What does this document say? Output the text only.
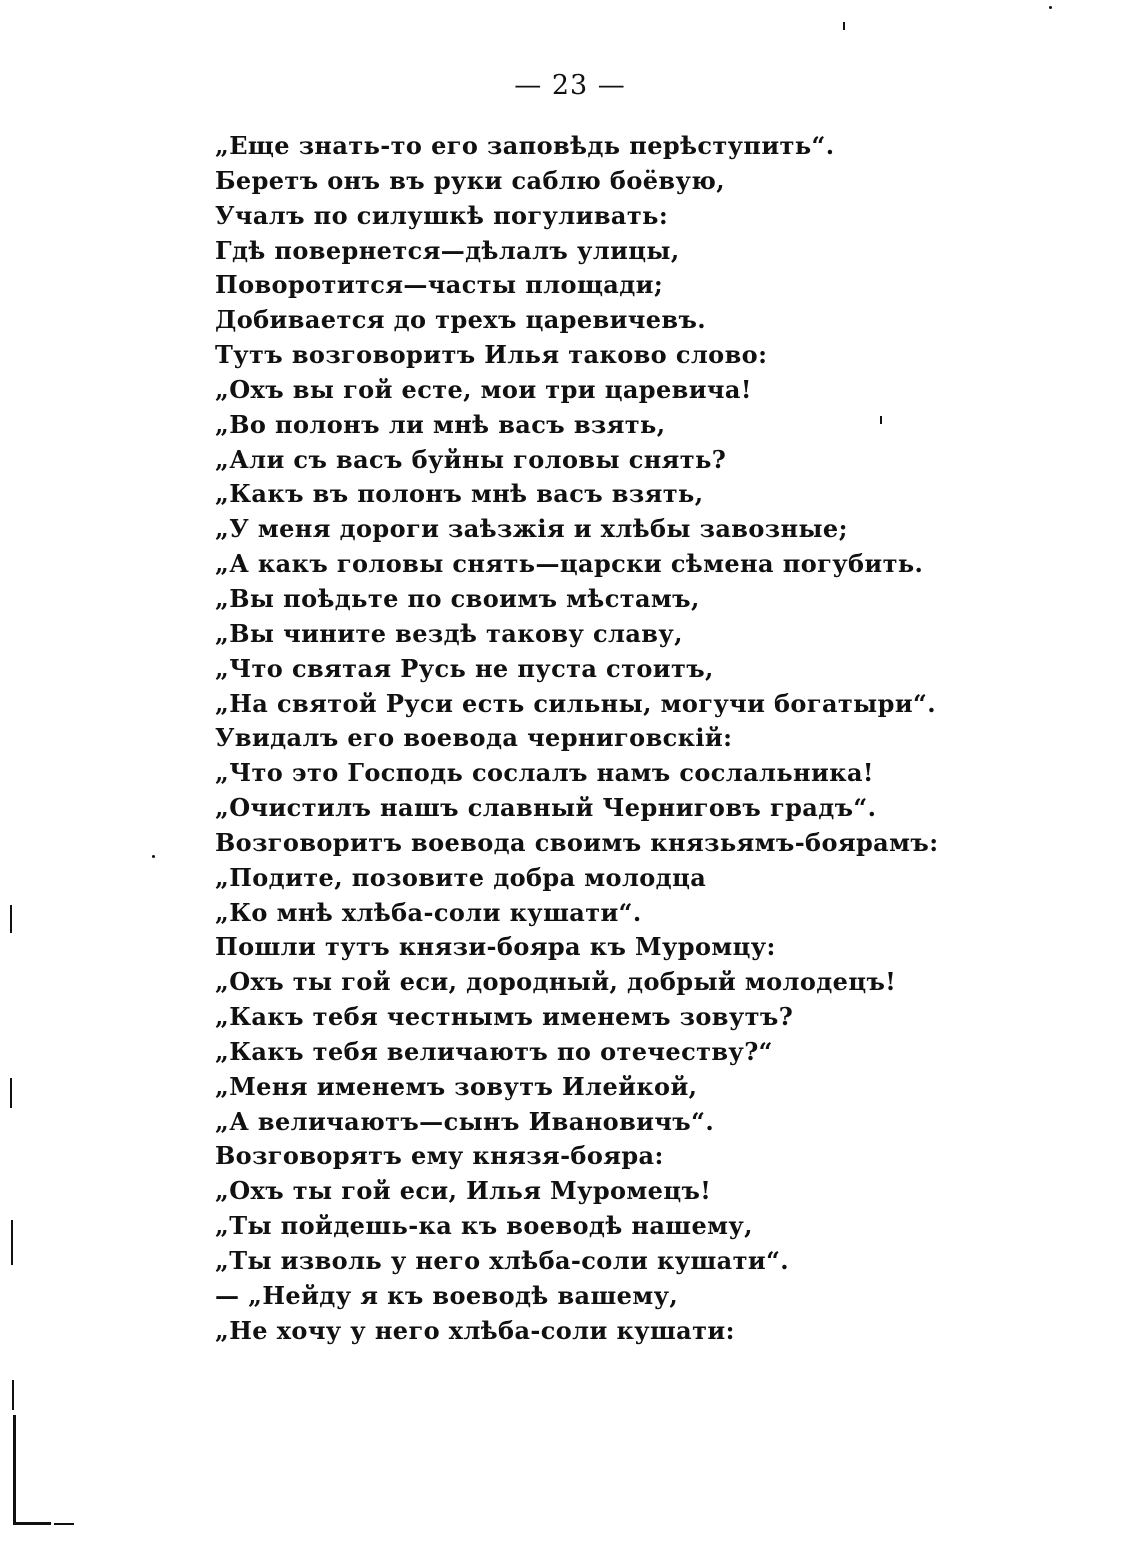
— 23 —
„Еще знать-то его заповѣдь перѣступить“.
Беретъ онъ въ руки саблю боёвую,
Учалъ по силушкѣ погуливать:
Гдѣ повернется—дѣлалъ улицы,
Поворотится—часты площади;
Добивается до трехъ царевичевъ.
Тутъ возговоритъ Илья таково слово:
„Охъ вы гой есте, мои три царевича!
„Во полонъ ли мнѣ васъ взять,
„Али съ васъ буйны головы снять?
„Какъ въ полонъ мнѣ васъ взять,
„У меня дороги заѣзжія и хлѣбы завозные;
„А какъ головы снять—царски сѣмена погубить.
„Вы поѣдьте по своимъ мѣстамъ,
„Вы чините вездѣ такову славу,
„Что святая Русь не пуста стоитъ,
„На святой Руси есть сильны, могучи богатыри“.
Увидалъ его воевода черниговскій:
„Что это Господь сослалъ намъ сослальника!
„Очистилъ нашъ славный Черниговъ градъ“.
Возговоритъ воевода своимъ князьямъ-боярамъ:
„Подите, позовите добра молодца
„Ко мнѣ хлѣба-соли кушати“.
Пошли тутъ князи-бояра къ Муромцу:
„Охъ ты гой еси, дородный, добрый молодецъ!
„Какъ тебя честнымъ именемъ зовутъ?
„Какъ тебя величаютъ по отечеству?“
„Меня именемъ зовутъ Илейкой,
„А величаютъ—сынъ Ивановичъ“.
Возговорятъ ему князя-бояра:
„Охъ ты гой еси, Илья Муромецъ!
„Ты пойдешь-ка къ воеводѣ нашему,
„Ты изволь у него хлѣба-соли кушати“.
— „Нейду я къ воеводѣ вашему,
„Не хочу у него хлѣба-соли кушати:
